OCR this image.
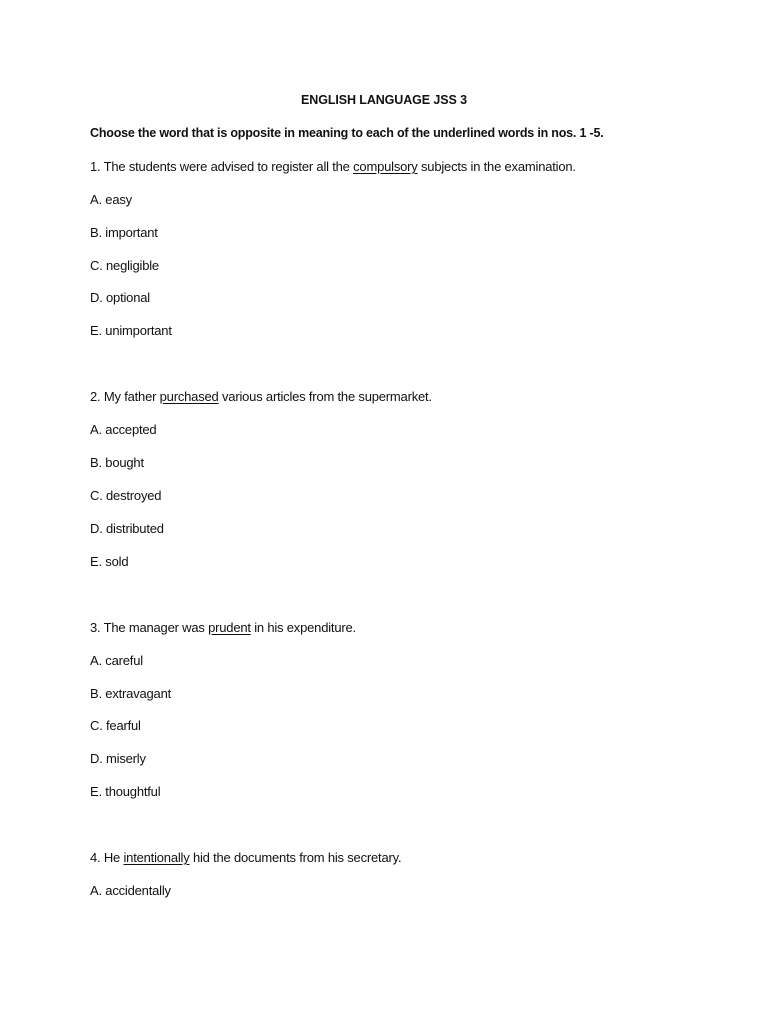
ENGLISH LANGUAGE JSS 3
Choose the word that is opposite in meaning to each of the underlined words in nos. 1 -5.
1. The students were advised to register all the compulsory subjects in the examination.
A. easy
B. important
C. negligible
D. optional
E. unimportant
2. My father purchased various articles from the supermarket.
A. accepted
B. bought
C. destroyed
D. distributed
E. sold
3. The manager was prudent in his expenditure.
A. careful
B. extravagant
C. fearful
D. miserly
E. thoughtful
4. He intentionally hid the documents from his secretary.
A. accidentally
